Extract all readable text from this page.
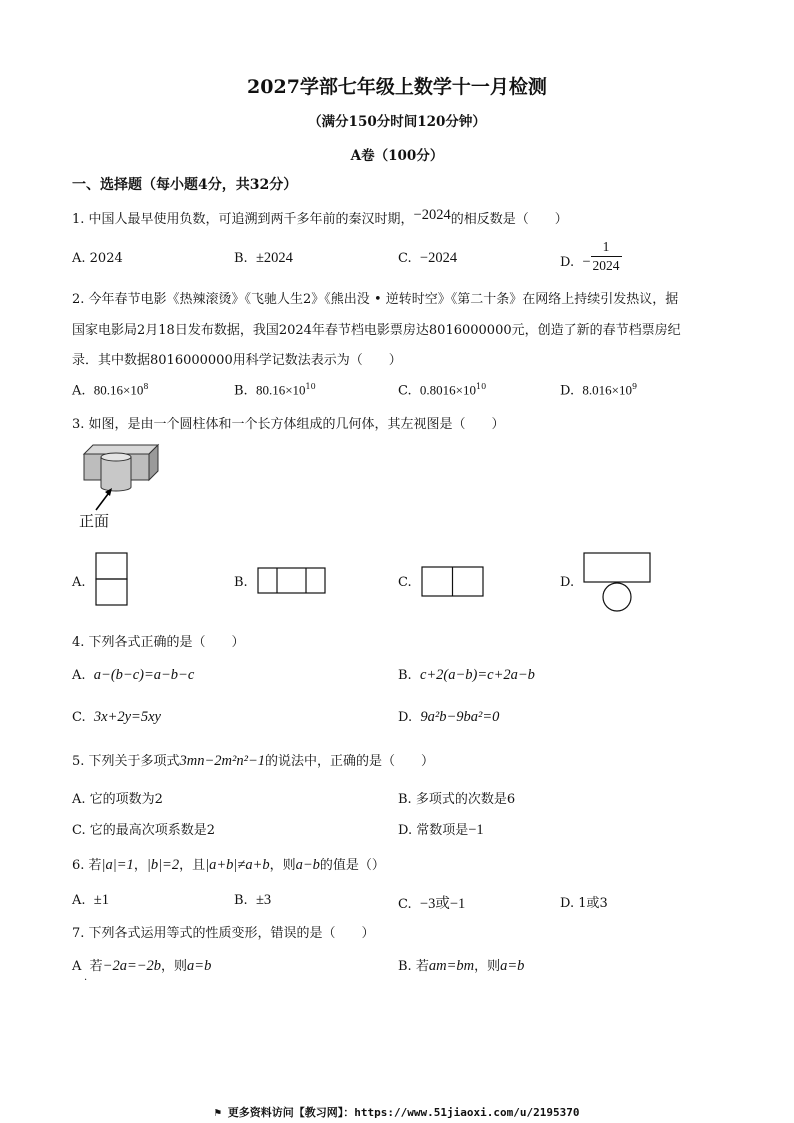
2027学部七年级上数学十一月检测
（满分150分时间120分钟）
A卷（100分）
一、选择题（每小题4分，共32分）
1. 中国人最早使用负数，可追溯到两千多年前的秦汉时期，−2024的相反数是（　　）
A. 2024	B. ±2024	C. −2024	D. − $\frac{1}{2024}$
2. 今年春节电影《热辣滚烫》《飞驰人生2》《熊出没 • 逆转时空》《第二十条》在网络上持续引发热议，据
国家电影局2月18日发布数据，我国2024年春节档电影票房达8016000000元，创造了新的春节档票房纪
录．其中数据8016000000用科学记数法表示为（　　）
A. $80.16\times 10^8$	B. $80.16\times 10^{10}$	C. $0.8016\times 10^{10}$	D. $8.016\times 10^9$
3. 如图，是由一个圆柱体和一个长方体组成的几何体，其左视图是（　　）
正面
A.	B.	C.	D.
4. 下列各式正确的是（　　）
A. a−(b−c)=a−b−c	B. c+2(a−b)=c+2a−b
C. 3x+2y=5xy	D. 9a²b−9ba²=0
5. 下列关于多项式3mn−2m²n²−1的说法中，正确的是（　　）
A. 它的项数为2	B. 多项式的次数是6
C. 它的最高次项系数是2	D. 常数项是−1
6. 若|a|=1，|b|=2，且|a+b|≠a+b，则a−b的值是（）
A. ±1	B. ±3	C. −3或−1	D. 1或3
7. 下列各式运用等式的性质变形，错误的是（　　）
A 若−2a=−2b，则a=b
.
B. 若am=bm，则a=b
⚑ 更多资料访问【教习网】：https://www.51jiaoxi.com/u/2195370
